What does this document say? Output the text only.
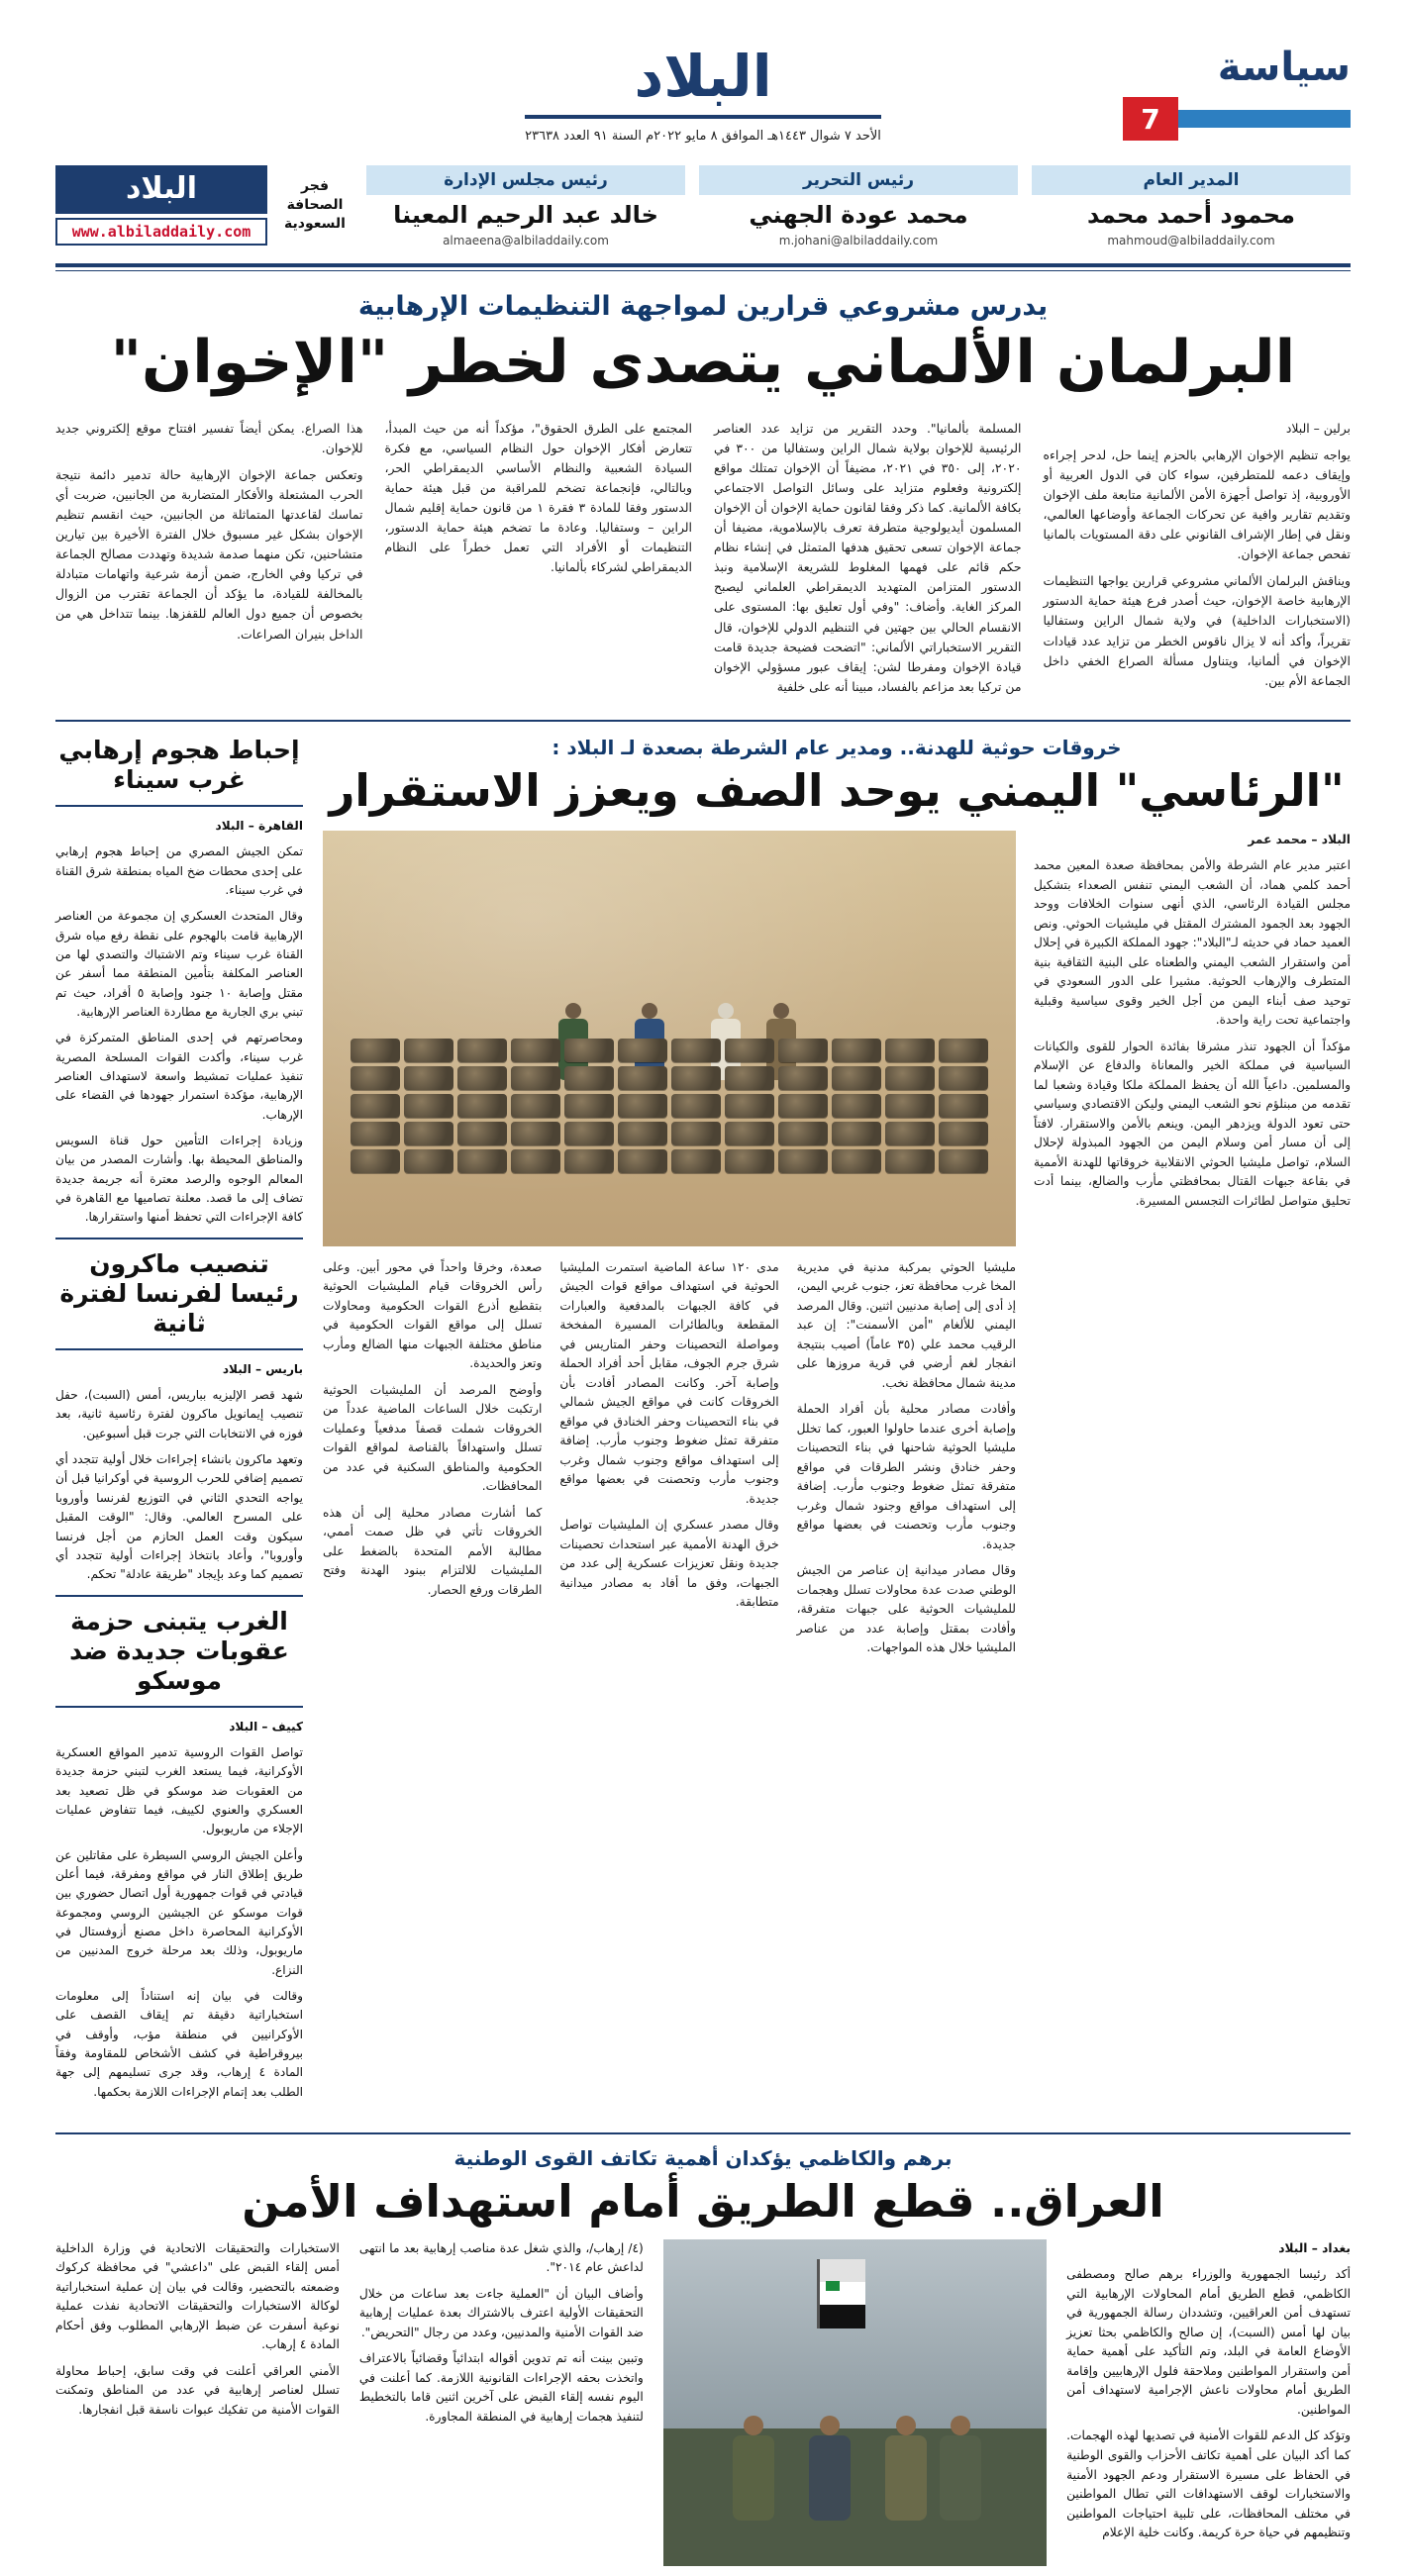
سياسة
7
البلاد
الأحد ٧ شوال ١٤٤٣هـ الموافق ٨ مايو ٢٠٢٢م السنة ٩١ العدد ٢٣٦٣٨
المدير العام
محمود أحمد محمد
mahmoud@albiladdaily.com
رئيس التحرير
محمد عودة الجهني
m.johani@albiladdaily.com
رئيس مجلس الإدارة
خالد عبد الرحيم المعينا
almaeena@albiladdaily.com
فجر
الصحافة
السعودية
البلاد
www.albiladdaily.com
يدرس مشروعي قرارين لمواجهة التنظيمات الإرهابية
البرلمان الألماني يتصدى لخطر "الإخوان"

برلين – البلاد

يواجه تنظيم الإخوان الإرهابي بالحزم إينما حل، لدحر إجراءه وإيقاف دعمه للمتطرفين، سواء كان في الدول العربية أو الأوروبية، إذ تواصل أجهزة الأمن الألمانية متابعة ملف الإخوان وتقديم تقارير وافية عن تحركات الجماعة وأوضاعها العالمي، ونقل في إطار الإشراف القانوني على دقة المستويات بالمانيا تفحص جماعة الإخوان.

ويناقش البرلمان الألماني مشروعي قرارين يواجها التنظيمات الإرهابية خاصة الإخوان، حيث أصدر فرع هيئة حماية الدستور (الاستخبارات الداخلية) في ولاية شمال الراين وستفاليا تقريراً، وأكد أنه لا يزال ناقوس الخطر من تزايد عدد قيادات الإخوان في ألمانيا، ويتناول مسألة الصراع الخفي داخل الجماعة الأم بين.

المسلمة بألمانيا". وحدد التقرير من تزايد عدد العناصر الرئيسية للإخوان بولاية شمال الراين وستفاليا من ٣٠٠ في ٢٠٢٠، إلى ٣٥٠ في ٢٠٢١، مضيفاً أن الإخوان تمتلك مواقع إلكترونية وفعلوم متزايد على وسائل التواصل الاجتماعي بكافة الألمانية. كما ذكر وفقا لقانون حماية الإخوان أن الإخوان المسلمون أيديولوجية متطرفة تعرف بالإسلاموية، مضيفا أن جماعة الإخوان تسعى تحقيق هدفها المتمثل في إنشاء نظام حكم قائم على فهمها المغلوط للشريعة الإسلامية ونبذ الدستور المتزامن المتهديد الديمقراطي العلماني ليصبح المركز الغاية. وأضاف: "وفي أول تعليق بها: المستوى على الانقسام الحالي بين جهتين في التنظيم الدولي للإخوان، قال التقرير الاستخباراتي الألماني: "اتضحت فضيحة جديدة قامت قيادة الإخوان ومفرطا لشن: إيقاف عبور مسؤولي الإخوان من تركيا بعد مزاعم بالفساد، مبينا أنه على خلفية

المجتمع على الطرق الحقوق"، مؤكداً أنه من حيث المبدأ، تتعارض أفكار الإخوان حول النظام السياسي، مع فكرة السيادة الشعبية والنظام الأساسي الديمقراطي الحر، وبالتالي، فإنجماعة تضخم للمراقبة من قبل هيئة حماية الدستور وفقا للمادة ٣ فقرة ١ من قانون حماية إقليم شمال الراين – وستفاليا. وعادة ما تضخم هيئة حماية الدستور، التنظيمات أو الأفراد التي تعمل خطراً على النظام الديمقراطي لشركاء بألمانيا.

هذا الصراع. يمكن أيضاً تفسير افتتاح موقع إلكتروني جديد للإخوان.

وتعكس جماعة الإخوان الإرهابية حالة تدمير دائمة نتيجة الحرب المشتعلة والأفكار المتضاربة من الجانبين، ضربت أي تماسك لقاعدتها المتماثلة من الجانبين، حيث انقسم تنظيم الإخوان بشكل غير مسبوق خلال الفترة الأخيرة بين تيارين متشاحنين، تكن منهما صدمة شديدة وتهددت مصالح الجماعة في تركيا وفي الخارج، ضمن أزمة شرعية واتهامات متبادلة بالمخالفة للقيادة، ما يؤكد أن الجماعة تقترب من الزوال بخصوص أن جميع دول العالم للقفزها. بينما تتداخل هي من الداخل بنيران الصراعات.

خروقات حوثية للهدنة.. ومدير عام الشرطة بصعدة لـ البلاد :
"الرئاسي" اليمني يوحد الصف ويعزز الاستقرار

البلاد – محمد عمر

اعتبر مدير عام الشرطة والأمن بمحافظة صعدة المعين محمد أحمد كلمي هماد، أن الشعب اليمني تنفس الصعداء بتشكيل مجلس القيادة الرئاسي، الذي أنهى سنوات الخلافات ووحد الجهود بعد الجمود المشترك المقتل في مليشيات الحوثي. ونص العميد حماد في حديثه لـ"البلاد": جهود المملكة الكبيرة في إحلال أمن واستقرار الشعب اليمني والطعناه على البنية الثقافية بنية المتطرف والإرهاب الحوثية. مشيرا على الدور السعودي في توحيد صف أبناء اليمن من أجل الخير وقوى سياسية وقبلية واجتماعية تحت راية واحدة.

مؤكداً أن الجهود تنذر مشرقا بفائدة الحوار للقوى والكيانات السياسية في مملكة الخير والمعاناة والدفاع عن الإسلام والمسلمين. داعياً الله أن يحفظ المملكة ملكا وقيادة وشعبا لما تقدمه من مبنلؤم نحو الشعب اليمني وليكن الاقتصادي وسياسي حتى تعود الدولة ويزدهر اليمن. وينعم بالأمن والاستقرار. لافتاً إلى أن مسار أمن وسلام اليمن من الجهود المبذولة لإحلال السلام، تواصل مليشيا الحوثي الانقلابية خروقاتها للهدنة الأممية في بقاعة جبهات القتال بمحافظتي مأرب والضالع، بينما أدت تحليق متواصل لطائرات التجسس المسيرة.

مليشيا الحوثي بمركبة مدنية في مديرية المخا غرب محافظة تعز، جنوب غربي اليمن، إذ أدى إلى إصابة مدنيين اثنين. وقال المرصد اليمني للألغام "أمن الأسمنت": إن عبد الرقيب محمد علي (٣٥ عاماً) أصيب بنتيجة انفجار لغم أرضي في قرية مروزها على مدينة شمال محافظة نخب.

وأفادت مصادر محلية بأن أفراد الحملة وإصابة أخرى عندما حاولوا العبور، كما تخلل مليشيا الحوثية شاحنها في بناء التحصينات وحفر خنادق ونشر الطرقات في مواقع متفرقة تمثل ضغوط وجنوب مأرب. إضافة إلى استهداف مواقع وجنود شمال وغرب وجنوب مأرب وتحصنت في بعضها مواقع جديدة.

وقال مصادر ميدانية إن عناصر من الجيش الوطني صدت عدة محاولات تسلل وهجمات للمليشيات الحوثية على جبهات متفرقة، وأفادت بمقتل وإصابة عدد من عناصر المليشيا خلال هذه المواجهات.

مدى ١٢٠ ساعة الماضية استمرت المليشيا الحوثية في استهداف مواقع قوات الجيش في كافة الجبهات بالمدفعية والعبارات المقطعة وبالطائرات المسيرة المفخخة ومواصلة التحصينات وحفر المتاريس في شرق جرم الجوف، مقابل أحد أفراد الحملة وإصابة آخر. وكانت المصادر أفادت بأن الخروقات كانت في مواقع الجيش شمالي في بناء التحصينات وحفر الخنادق في مواقع متفرقة تمثل ضغوط وجنوب مأرب. إضافة إلى استهداف مواقع وجنوب شمال وغرب وجنوب مأرب وتحصنت في بعضها مواقع جديدة.

وقال مصدر عسكري إن المليشيات تواصل خرق الهدنة الأممية عبر استحداث تحصينات جديدة ونقل تعزيزات عسكرية إلى عدد من الجبهات، وفق ما أفاد به مصادر ميدانية متطابقة.

صعدة، وخرقا واحداً في محور أبين. وعلى رأس الخروقات قيام المليشيات الحوثية بتقطيع أذرع القوات الحكومية ومحاولات تسلل إلى مواقع القوات الحكومية في مناطق مختلفة الجبهات منها الضالع ومأرب وتعز والحديدة.

وأوضح المرصد أن المليشيات الحوثية ارتكبت خلال الساعات الماضية عدداً من الخروقات شملت قصفاً مدفعياً وعمليات تسلل واستهدافاً بالقناصة لمواقع القوات الحكومية والمناطق السكنية في عدد من المحافظات.

كما أشارت مصادر محلية إلى أن هذه الخروقات تأتي في ظل صمت أممي، مطالبة الأمم المتحدة بالضغط على المليشيات للالتزام ببنود الهدنة وفتح الطرقات ورفع الحصار.

إحباط هجوم إرهابي غرب سيناء

القاهرة – البلاد

تمكن الجيش المصري من إحباط هجوم إرهابي على إحدى محطات ضخ المياه بمنطقة شرق القناة في غرب سيناء.

وقال المتحدث العسكري إن مجموعة من العناصر الإرهابية قامت بالهجوم على نقطة رفع مياه شرق القناة غرب سيناء وتم الاشتباك والتصدي لها من العناصر المكلفة بتأمين المنطقة مما أسفر عن مقتل وإصابة ١٠ جنود وإصابة ٥ أفراد، حيث تم تبني بري الجارية مع مطاردة العناصر الإرهابية.

ومحاصرتهم في إحدى المناطق المتمركزة في غرب سيناء، وأكدت القوات المسلحة المصرية تنفيذ عمليات تمشيط واسعة لاستهداف العناصر الإرهابية، مؤكدة استمرار جهودها في القضاء على الإرهاب.

وزيادة إجراءات التأمين حول قناة السويس والمناطق المحيطة بها. وأشارت المصدر من بيان المعالم الوجوه والرصد معترة أنه جريمة جديدة تضاف إلى ما قصد. معلنة تصاميها مع القاهرة في كافة الإجراءات التي تحفظ أمنها واستقرارها.

تنصيب ماكرون رئيسا لفرنسا لفترة ثانية

باريس – البلاد

شهد قصر الإليزيه بباريس، أمس (السبت)، حفل تنصيب إيمانويل ماكرون لفترة رئاسية ثانية، بعد فوزه في الانتخابات التي جرت قبل أسبوعين.

وتعهد ماكرون بانشاء إجراءات خلال أولية تتجدد أي تصميم إضافي للحرب الروسية في أوكرانيا قبل أن يواجه التحدي الثاني في التوزيع لفرنسا وأوروبا على المسرح العالمي. وقال: "الوقت المقبل سيكون وقت العمل الحازم من أجل فرنسا وأوروبا"، وأعاد بانتخاذ إجراءات أولية تتجدد أي تصميم كما وعد بإيجاد "طريقة عادلة" تحكم.

الغرب يتبنى حزمة عقوبات جديدة ضد موسكو

كييف – البلاد

تواصل القوات الروسية تدمير المواقع العسكرية الأوكرانية، فيما يستعد الغرب لتبني حزمة جديدة من العقوبات ضد موسكو في ظل تصعيد بعد العسكري والعنوي لكييف، فيما تتفاوض عمليات الإجلاء من ماريوبول.

وأعلن الجيش الروسي السيطرة على مقاتلين عن طريق إطلاق النار في مواقع ومفرقة، فيما أعلن قيادتي في قوات جمهورية أول اتصال حضوري بين قوات موسكو عن الجيشين الروسي ومجموعة الأوكرانية المحاصرة داخل مصنع أزوفستال في ماريوبول، وذلك بعد مرحلة خروج المدنيين من النزاع.

وقالت في بيان إنه استناداً إلى معلومات استخباراتية دقيقة تم إيقاف القصف على الأوكرانيين في منطقة مؤب، وأوقف في بيروقراطية في كشف الأشخاص للمقاومة وفقاً المادة ٤ إرهاب، وقد جرى تسليمهم إلى جهة الطلب بعد إتمام الإجراءات اللازمة بحكمها.

برهم والكاظمي يؤكدان أهمية تكاتف القوى الوطنية
العراق.. قطع الطريق أمام استهداف الأمن

بغداد – البلاد

أكد رئيسا الجمهورية والوزراء برهم صالح ومصطفى الكاظمي، قطع الطريق أمام المحاولات الإرهابية التي تستهدف أمن العراقيين، وتشددان رسالة الجمهورية في بيان لها أمس (السبت)، إن صالح والكاظمي بحثا تعزيز الأوضاع العامة في البلد، وتم التأكيد على أهمية حماية أمن واستقرار المواطنين وملاحقة فلول الإرهابيين وإقامة الطريق أمام محاولات ناعش الإجرامية لاستهداف أمن المواطنين.

وتؤكد كل الدعم للقوات الأمنية في تصديها لهذه الهجمات. كما أكد البيان على أهمية تكاتف الأحزاب والقوى الوطنية في الحفاظ على مسيرة الاستقرار ودعم الجهود الأمنية والاستخبارات لوقف الاستهدافات التي تطال المواطنين في مختلف المحافظات، على تلبية احتياجات المواطنين وتنظيمهم في حياة حرة كريمة. وكانت خلية الإعلام

(٤/ إرهاب/، والذي شغل عدة مناصب إرهابية بعد ما انتهى لداعش عام ٢٠١٤".

وأضاف البيان أن "العملية جاءت بعد ساعات من خلال التحقيقات الأولية اعترف بالاشتراك بعدة عمليات إرهابية ضد القوات الأمنية والمدنيين، وعدد من رجال "التحريض".

وتبين بينت أنه تم تدوين أقواله ابتدائياً وقضائياً بالاعتراف واتخذت بحقه الإجراءات القانونية اللازمة. كما أعلنت في اليوم نفسه إلقاء القبض على آخرين اثنين قاما بالتخطيط لتنفيذ هجمات إرهابية في المنطقة المجاورة.

الاستخبارات والتحقيقات الاتحادية في وزارة الداخلية أمس إلقاء القبض على "داعشي" في محافظة كركوك وضمعته بالتحضير، وقالت في بيان إن عملية استخباراتية لوكالة الاستخبارات والتحقيقات الاتحادية نفذت عملية نوعية أسفرت عن ضبط الإرهابي المطلوب وفق أحكام المادة ٤ إرهاب.

الأمني العراقي أعلنت في وقت سابق، إحباط محاولة تسلل لعناصر إرهابية في عدد من المناطق وتمكنت القوات الأمنية من تفكيك عبوات ناسفة قبل انفجارها.
